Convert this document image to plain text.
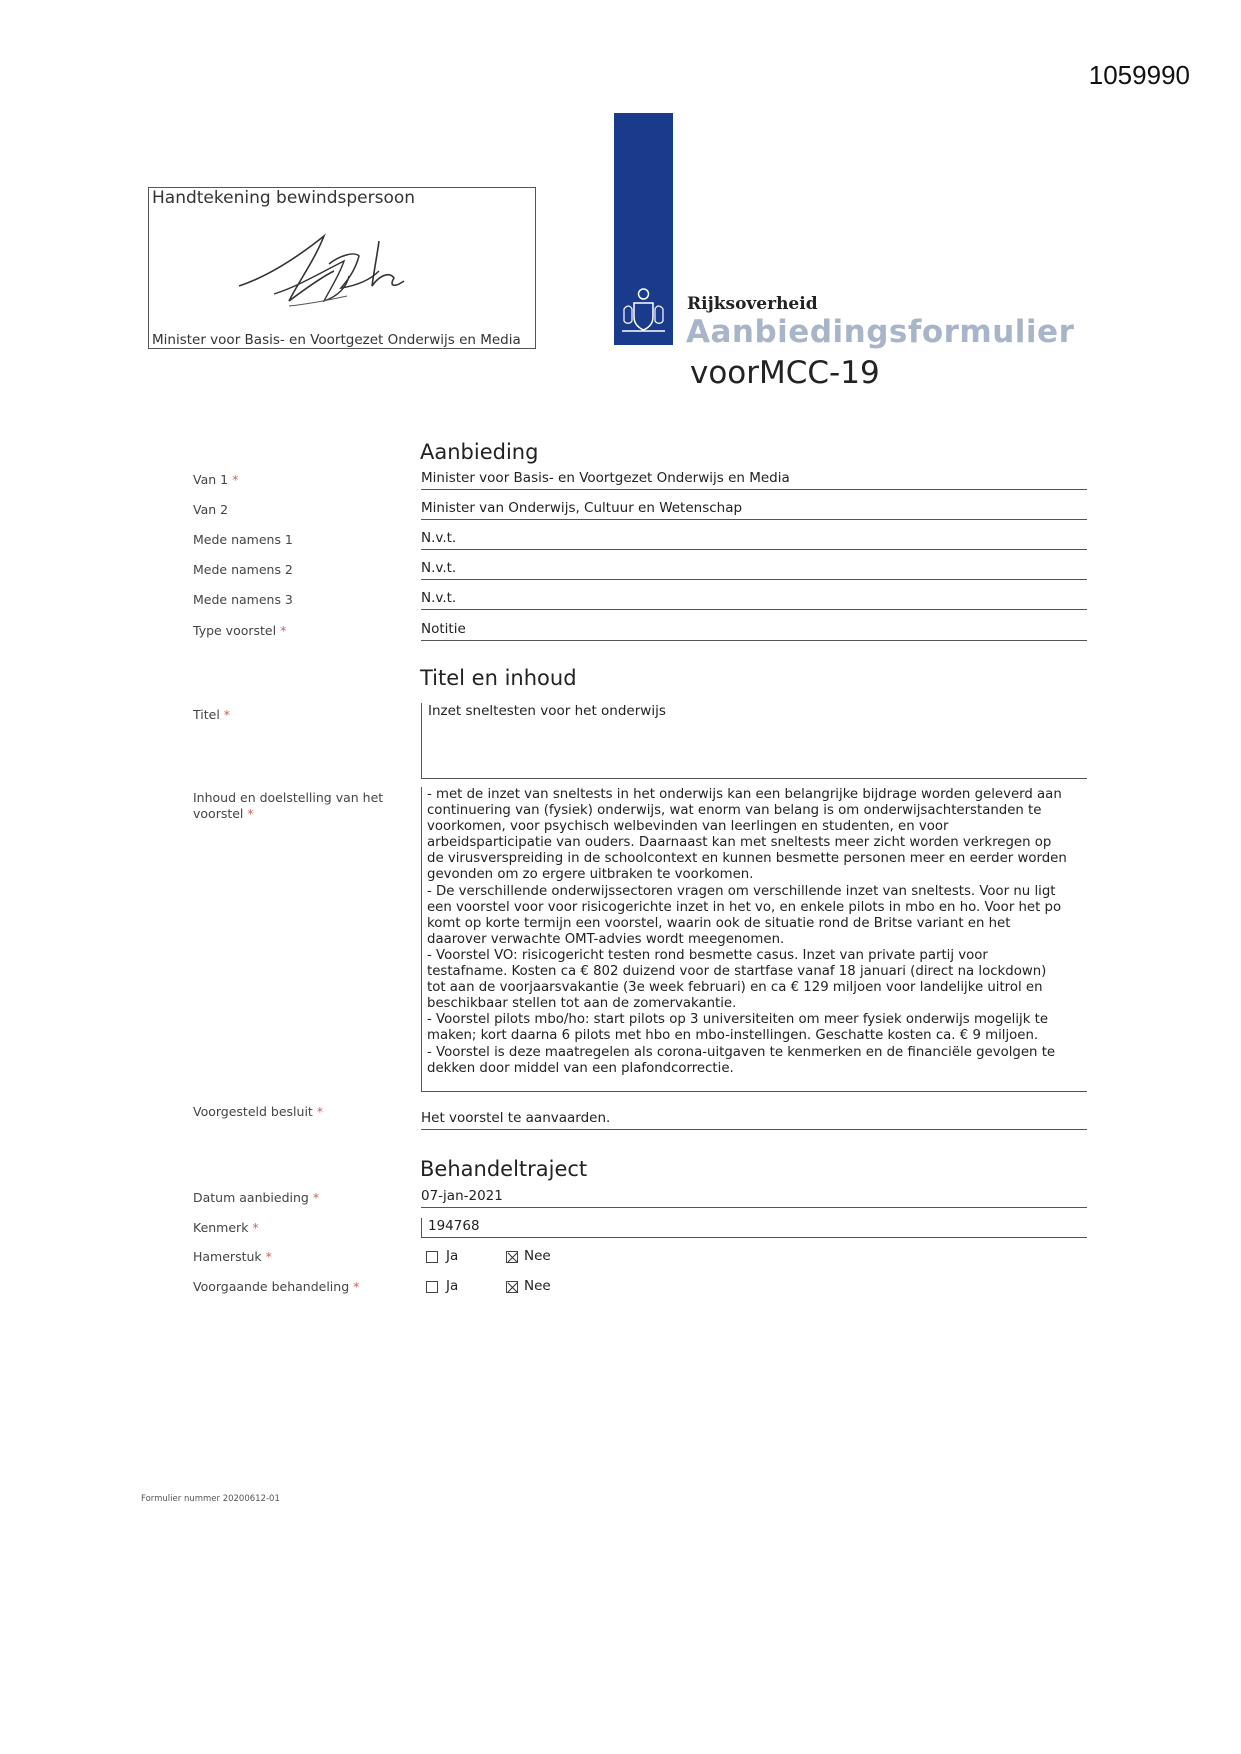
1059990
Handtekening bewindspersoon
Minister voor Basis- en Voortgezet Onderwijs en Media
Rijksoverheid
Aanbiedingsformulier
voorMCC-19
Aanbieding
Van 1 *	Minister voor Basis- en Voortgezet Onderwijs en Media
Van 2	Minister van Onderwijs, Cultuur en Wetenschap
Mede namens 1	N.v.t.
Mede namens 2	N.v.t.
Mede namens 3	N.v.t.
Type voorstel *	Notitie
Titel en inhoud
Titel *	Inzet sneltesten voor het onderwijs
Inhoud en doelstelling van het voorstel *

- met de inzet van sneltests in het onderwijs kan een belangrijke bijdrage worden geleverd aan
continuering van (fysiek) onderwijs, wat enorm van belang is om onderwijsachterstanden te
voorkomen, voor psychisch welbevinden van leerlingen en studenten, en voor
arbeidsparticipatie van ouders. Daarnaast kan met sneltests meer zicht worden verkregen op
de virusverspreiding in de schoolcontext en kunnen besmette personen meer en eerder worden
gevonden om zo ergere uitbraken te voorkomen.

- De verschillende onderwijssectoren vragen om verschillende inzet van sneltests. Voor nu ligt
een voorstel voor voor risicogerichte inzet in het vo, en enkele pilots in mbo en ho. Voor het po
komt op korte termijn een voorstel, waarin ook de situatie rond de Britse variant en het
daarover verwachte OMT-advies wordt meegenomen.

- Voorstel VO: risicogericht testen rond besmette casus. Inzet van private partij voor
testafname. Kosten ca € 802 duizend voor de startfase vanaf 18 januari (direct na lockdown)
tot aan de voorjaarsvakantie (3e week februari) en ca € 129 miljoen voor landelijke uitrol en
beschikbaar stellen tot aan de zomervakantie.

- Voorstel pilots mbo/ho: start pilots op 3 universiteiten om meer fysiek onderwijs mogelijk te
maken; kort daarna 6 pilots met hbo en mbo-instellingen. Geschatte kosten ca. € 9 miljoen.

- Voorstel is deze maatregelen als corona-uitgaven te kenmerken en de financiële gevolgen te
dekken door middel van een plafondcorrectie.

Voorgesteld besluit *	Het voorstel te aanvaarden.
Behandeltraject
Datum aanbieding *	07-jan-2021
Kenmerk *	194768
Hamerstuk *	Ja	Nee
Voorgaande behandeling *	Ja	Nee
Formulier nummer 20200612-01
